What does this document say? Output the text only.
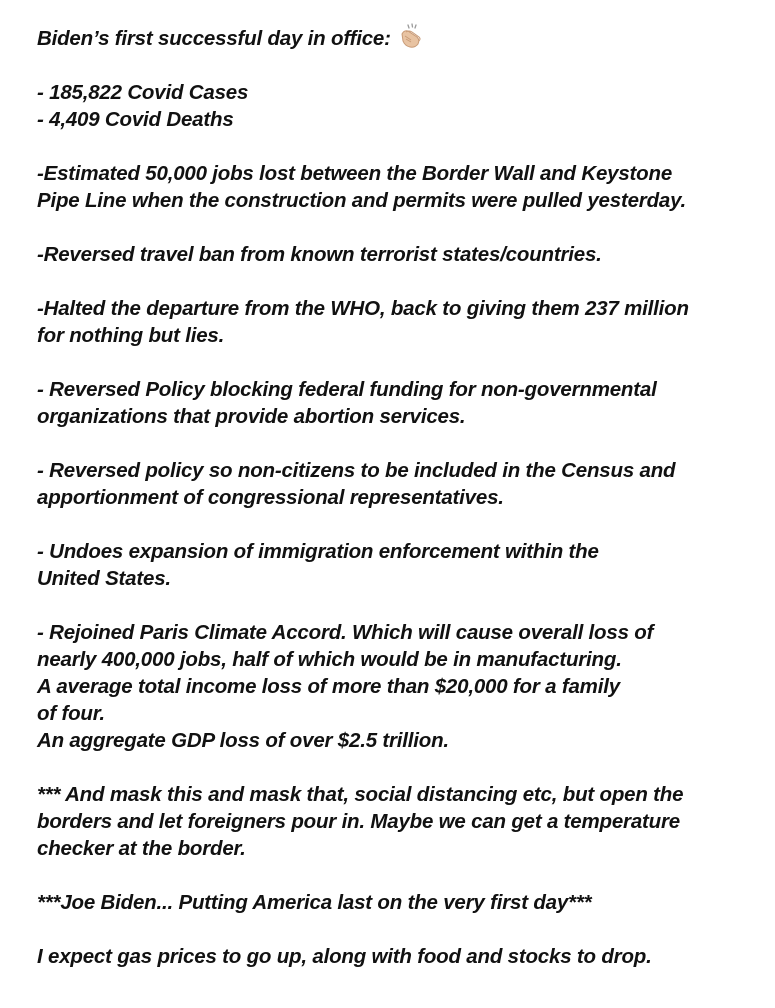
Biden’s first successful day in office:
- 185,822 Covid Cases
- 4,409 Covid Deaths
-Estimated 50,000 jobs lost between the Border Wall and Keystone
Pipe Line when the construction and permits were pulled yesterday.
-Reversed travel ban from known terrorist states/countries.
-Halted the departure from the WHO, back to giving them 237 million
for nothing but lies.
- Reversed Policy blocking federal funding for non-governmental
organizations that provide abortion services.
- Reversed policy so non-citizens to be included in the Census and
apportionment of congressional representatives.
- Undoes expansion of immigration enforcement within the
United States.
- Rejoined Paris Climate Accord. Which will cause overall loss of
nearly 400,000 jobs, half of which would be in manufacturing.
A average total income loss of more than $20,000 for a family
of four.
An aggregate GDP loss of over $2.5 trillion.
*** And mask this and mask that, social distancing etc, but open the
borders and let foreigners pour in. Maybe we can get a temperature
checker at the border.
***Joe Biden... Putting America last on the very first day***
I expect gas prices to go up, along with food and stocks to drop.
